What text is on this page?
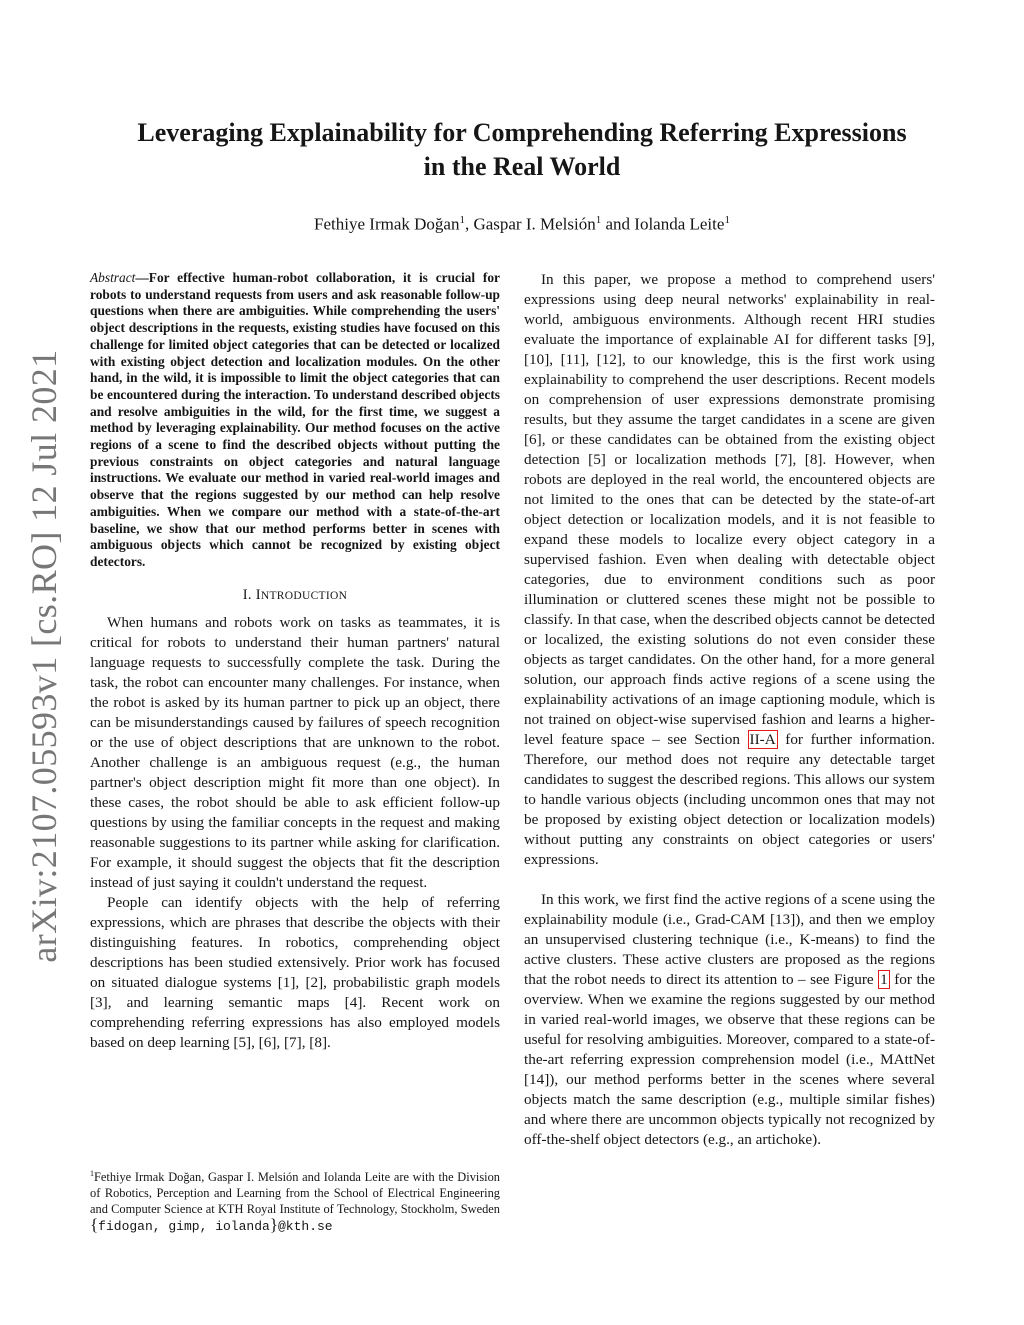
arXiv:2107.05593v1 [cs.RO] 12 Jul 2021
Leveraging Explainability for Comprehending Referring Expressions
in the Real World
Fethiye Irmak Doğan$^1$, Gaspar I. Melsión$^1$ and Iolanda Leite$^1$

Abstract—For effective human-robot collaboration, it is crucial for robots to understand requests from users and ask reasonable follow-up questions when there are ambiguities. While comprehending the users' object descriptions in the requests, existing studies have focused on this challenge for limited object categories that can be detected or localized with existing object detection and localization modules. On the other hand, in the wild, it is impossible to limit the object categories that can be encountered during the interaction. To understand described objects and resolve ambiguities in the wild, for the first time, we suggest a method by leveraging explainability. Our method focuses on the active regions of a scene to find the described objects without putting the previous constraints on object categories and natural language instructions. We evaluate our method in varied real-world images and observe that the regions suggested by our method can help resolve ambiguities. When we compare our method with a state-of-the-art baseline, we show that our method performs better in scenes with ambiguous objects which cannot be recognized by existing object detectors.

I. INTRODUCTION

When humans and robots work on tasks as teammates, it is critical for robots to understand their human partners' natural language requests to successfully complete the task. During the task, the robot can encounter many challenges. For instance, when the robot is asked by its human partner to pick up an object, there can be misunderstandings caused by failures of speech recognition or the use of object descriptions that are unknown to the robot. Another challenge is an ambiguous request (e.g., the human partner's object description might fit more than one object). In these cases, the robot should be able to ask efficient follow-up questions by using the familiar concepts in the request and making reasonable suggestions to its partner while asking for clarification. For example, it should suggest the objects that fit the description instead of just saying it couldn't understand the request.

People can identify objects with the help of referring expressions, which are phrases that describe the objects with their distinguishing features. In robotics, comprehending object descriptions has been studied extensively. Prior work has focused on situated dialogue systems [1], [2], probabilistic graph models [3], and learning semantic maps [4]. Recent work on comprehending referring expressions has also employed models based on deep learning [5], [6], [7], [8].

$^1$Fethiye Irmak Doğan, Gaspar I. Melsión and Iolanda Leite are with the Division of Robotics, Perception and Learning from the School of Electrical Engineering and Computer Science at KTH Royal Institute of Technology, Stockholm, Sweden {fidogan, gimp, iolanda}@kth.se

In this paper, we propose a method to comprehend users' expressions using deep neural networks' explainability in real-world, ambiguous environments. Although recent HRI studies evaluate the importance of explainable AI for different tasks [9], [10], [11], [12], to our knowledge, this is the first work using explainability to comprehend the user descriptions. Recent models on comprehension of user expressions demonstrate promising results, but they assume the target candidates in a scene are given [6], or these candidates can be obtained from the existing object detection [5] or localization methods [7], [8]. However, when robots are deployed in the real world, the encountered objects are not limited to the ones that can be detected by the state-of-art object detection or localization models, and it is not feasible to expand these models to localize every object category in a supervised fashion. Even when dealing with detectable object categories, due to environment conditions such as poor illumination or cluttered scenes these might not be possible to classify. In that case, when the described objects cannot be detected or localized, the existing solutions do not even consider these objects as target candidates. On the other hand, for a more general solution, our approach finds active regions of a scene using the explainability activations of an image captioning module, which is not trained on object-wise supervised fashion and learns a higher-level feature space – see Section II-A for further information. Therefore, our method does not require any detectable target candidates to suggest the described regions. This allows our system to handle various objects (including uncommon ones that may not be proposed by existing object detection or localization models) without putting any constraints on object categories or users' expressions.

In this work, we first find the active regions of a scene using the explainability module (i.e., Grad-CAM [13]), and then we employ an unsupervised clustering technique (i.e., K-means) to find the active clusters. These active clusters are proposed as the regions that the robot needs to direct its attention to – see Figure 1 for the overview. When we examine the regions suggested by our method in varied real-world images, we observe that these regions can be useful for resolving ambiguities. Moreover, compared to a state-of-the-art referring expression comprehension model (i.e., MAttNet [14]), our method performs better in the scenes where several objects match the same description (e.g., multiple similar fishes) and where there are uncommon objects typically not recognized by off-the-shelf object detectors (e.g., an artichoke).
